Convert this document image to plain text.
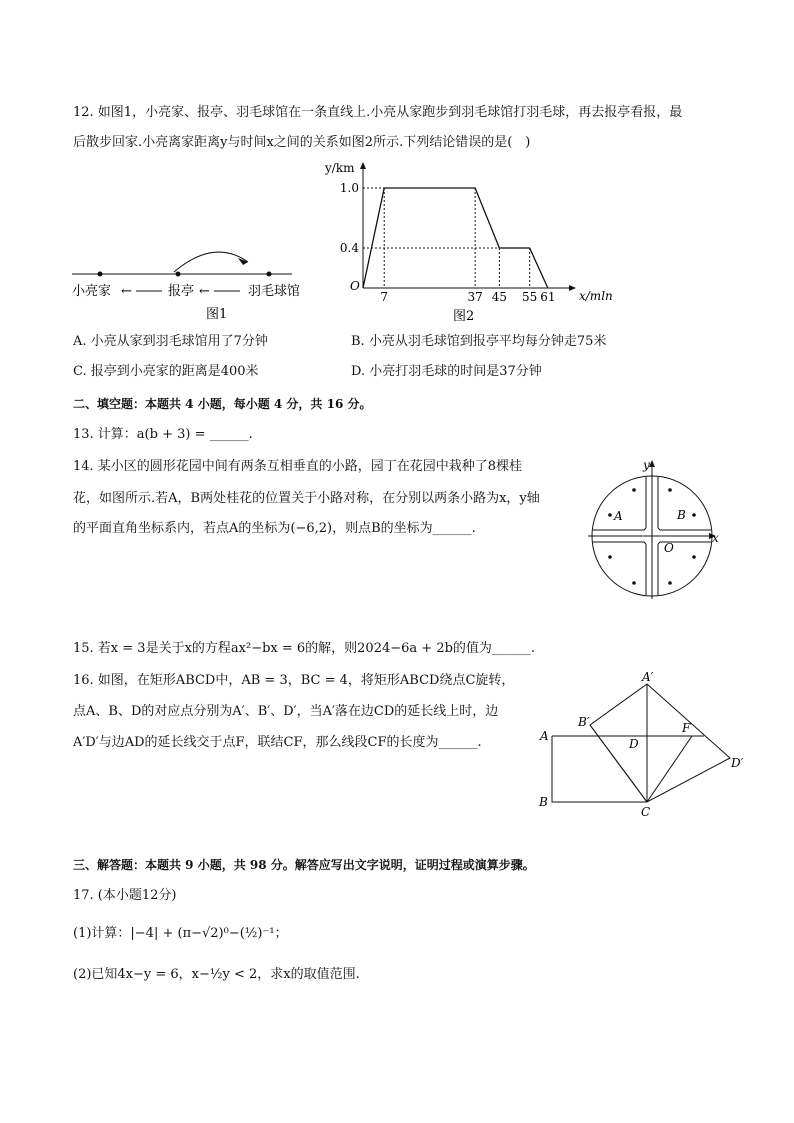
12. 如图1，小亮家、报亭、羽毛球馆在一条直线上.小亮从家跑步到羽毛球馆打羽毛球，再去报亭看报，最
后散步回家.小亮离家距离y与时间x之间的关系如图2所示.下列结论错误的是(　)
小亮家 ←	报亭 ←	羽毛球馆
图1
y/km
x/mln
O
7	37 45 55 61
1.0
0.4
图2
A. 小亮从家到羽毛球馆用了7分钟	B. 小亮从羽毛球馆到报亭平均每分钟走75米
C. 报亭到小亮家的距离是400米	D. 小亮打羽毛球的时间是37分钟
二、填空题：本题共 4 小题，每小题 4 分，共 16 分。
13. 计算：a(b + 3) = ______.
14. 某小区的圆形花园中间有两条互相垂直的小路，园丁在花园中栽种了8棵桂
花，如图所示.若A，B两处桂花的位置关于小路对称，在分别以两条小路为x，y轴
的平面直角坐标系内，若点A的坐标为(−6,2)，则点B的坐标为______.
y
x
O
A	B
15. 若x = 3是关于x的方程ax²−bx = 6的解，则2024−6a + 2b的值为______.
16. 如图，在矩形ABCD中，AB = 3，BC = 4，将矩形ABCD绕点C旋转，
点A、B、D的对应点分别为A′、B′、D′，当A′落在边CD的延长线上时，边
A′D′与边AD的延长线交于点F，联结CF，那么线段CF的长度为______.
A′
B′
A
D
F
D′
B
C
三、解答题：本题共 9 小题，共 98 分。解答应写出文字说明，证明过程或演算步骤。
17. (本小题12分)
(1)计算：|−4| + (π−√2)⁰−(½)⁻¹；
(2)已知4x−y = 6，x−½y < 2，求x的取值范围.
